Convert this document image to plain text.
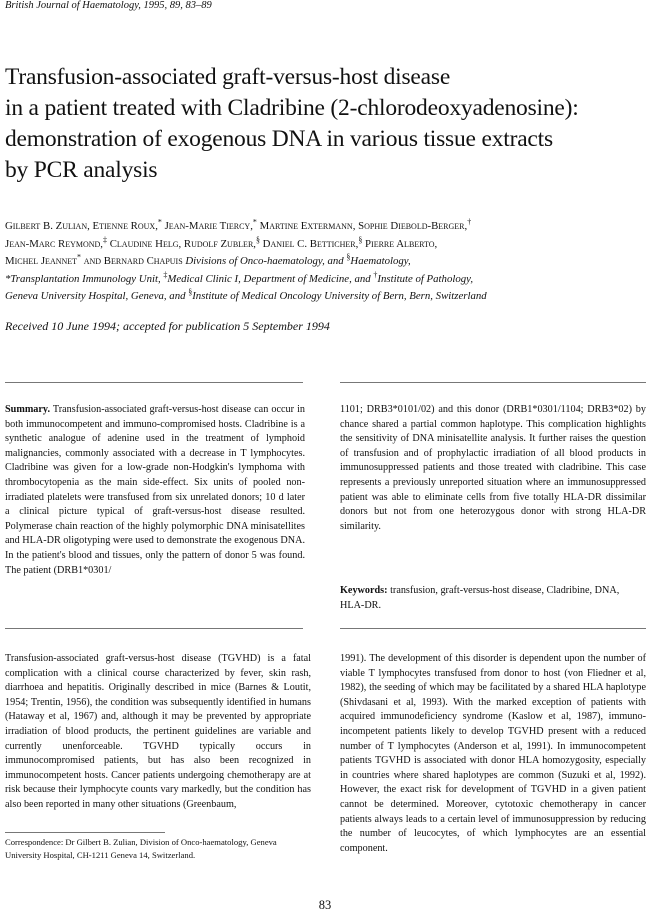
British Journal of Haematology, 1995, 89, 83–89
Transfusion-associated graft-versus-host disease
in a patient treated with Cladribine (2-chlorodeoxyadenosine):
demonstration of exogenous DNA in various tissue extracts
by PCR analysis
Gilbert B. Zulian, Etienne Roux,* Jean-Marie Tiercy,* Martine Extermann, Sophie Diebold-Berger,†
Jean-Marc Reymond,‡ Claudine Helg, Rudolf Zubler,§ Daniel C. Betticher,§ Pierre Alberto,
Michel Jeannet* and Bernard Chapuis Divisions of Onco-haematology, and §Haematology,
*Transplantation Immunology Unit, ‡Medical Clinic I, Department of Medicine, and †Institute of Pathology,
Geneva University Hospital, Geneva, and §Institute of Medical Oncology University of Bern, Bern, Switzerland
Received 10 June 1994; accepted for publication 5 September 1994
Summary. Transfusion-associated graft-versus-host disease can occur in both immunocompetent and immuno-compromised hosts. Cladribine is a synthetic analogue of adenine used in the treatment of lymphoid malignancies, commonly associated with a decrease in T lymphocytes. Cladribine was given for a low-grade non-Hodgkin's lymphoma with thrombocytopenia as the main side-effect. Six units of pooled non-irradiated platelets were transfused from six unrelated donors; 10 d later a clinical picture typical of graft-versus-host disease resulted. Polymerase chain reaction of the highly polymorphic DNA minisatellites and HLA-DR oligotyping were used to demonstrate the exogenous DNA. In the patient's blood and tissues, only the pattern of donor 5 was found. The patient (DRB1*0301/
1101; DRB3*0101/02) and this donor (DRB1*0301/1104; DRB3*02) by chance shared a partial common haplotype. This complication highlights the sensitivity of DNA minisatellite analysis. It further raises the question of transfusion and of prophylactic irradiation of all blood products in immunosuppressed patients and those treated with cladribine. This case represents a previously unreported situation where an immunosuppressed patient was able to eliminate cells from five totally HLA-DR dissimilar donors but not from one heterozygous donor with strong HLA-DR similarity.
Keywords: transfusion, graft-versus-host disease, Cladribine, DNA, HLA-DR.
Transfusion-associated graft-versus-host disease (TGVHD) is a fatal complication with a clinical course characterized by fever, skin rash, diarrhoea and hepatitis. Originally described in mice (Barnes & Loutit, 1954; Trentin, 1956), the condition was subsequently identified in humans (Hataway et al, 1967) and, although it may be prevented by appropriate irradiation of blood products, the pertinent guidelines are variable and currently unenforceable. TGVHD typically occurs in immunocompromised patients, but has also been recognized in immunocompetent hosts. Cancer patients undergoing chemotherapy are at risk because their lymphocyte counts vary markedly, but the condition has also been reported in many other situations (Greenbaum,
1991). The development of this disorder is dependent upon the number of viable T lymphocytes transfused from donor to host (von Fliedner et al, 1982), the seeding of which may be facilitated by a shared HLA haplotype (Shivdasani et al, 1993). With the marked exception of patients with acquired immunodeficiency syndrome (Kaslow et al, 1987), immuno-incompetent patients likely to develop TGVHD present with a reduced number of T lymphocytes (Anderson et al, 1991). In immunocompetent patients TGVHD is associated with donor HLA homozygosity, especially in countries where shared haplotypes are common (Suzuki et al, 1992). However, the exact risk for development of TGVHD in a given patient cannot be determined. Moreover, cytotoxic chemotherapy in cancer patients always leads to a certain level of immunosuppression by reducing the number of leucocytes, of which lymphocytes are an essential component.
Correspondence: Dr Gilbert B. Zulian, Division of Onco-haematology, Geneva University Hospital, CH-1211 Geneva 14, Switzerland.
83
